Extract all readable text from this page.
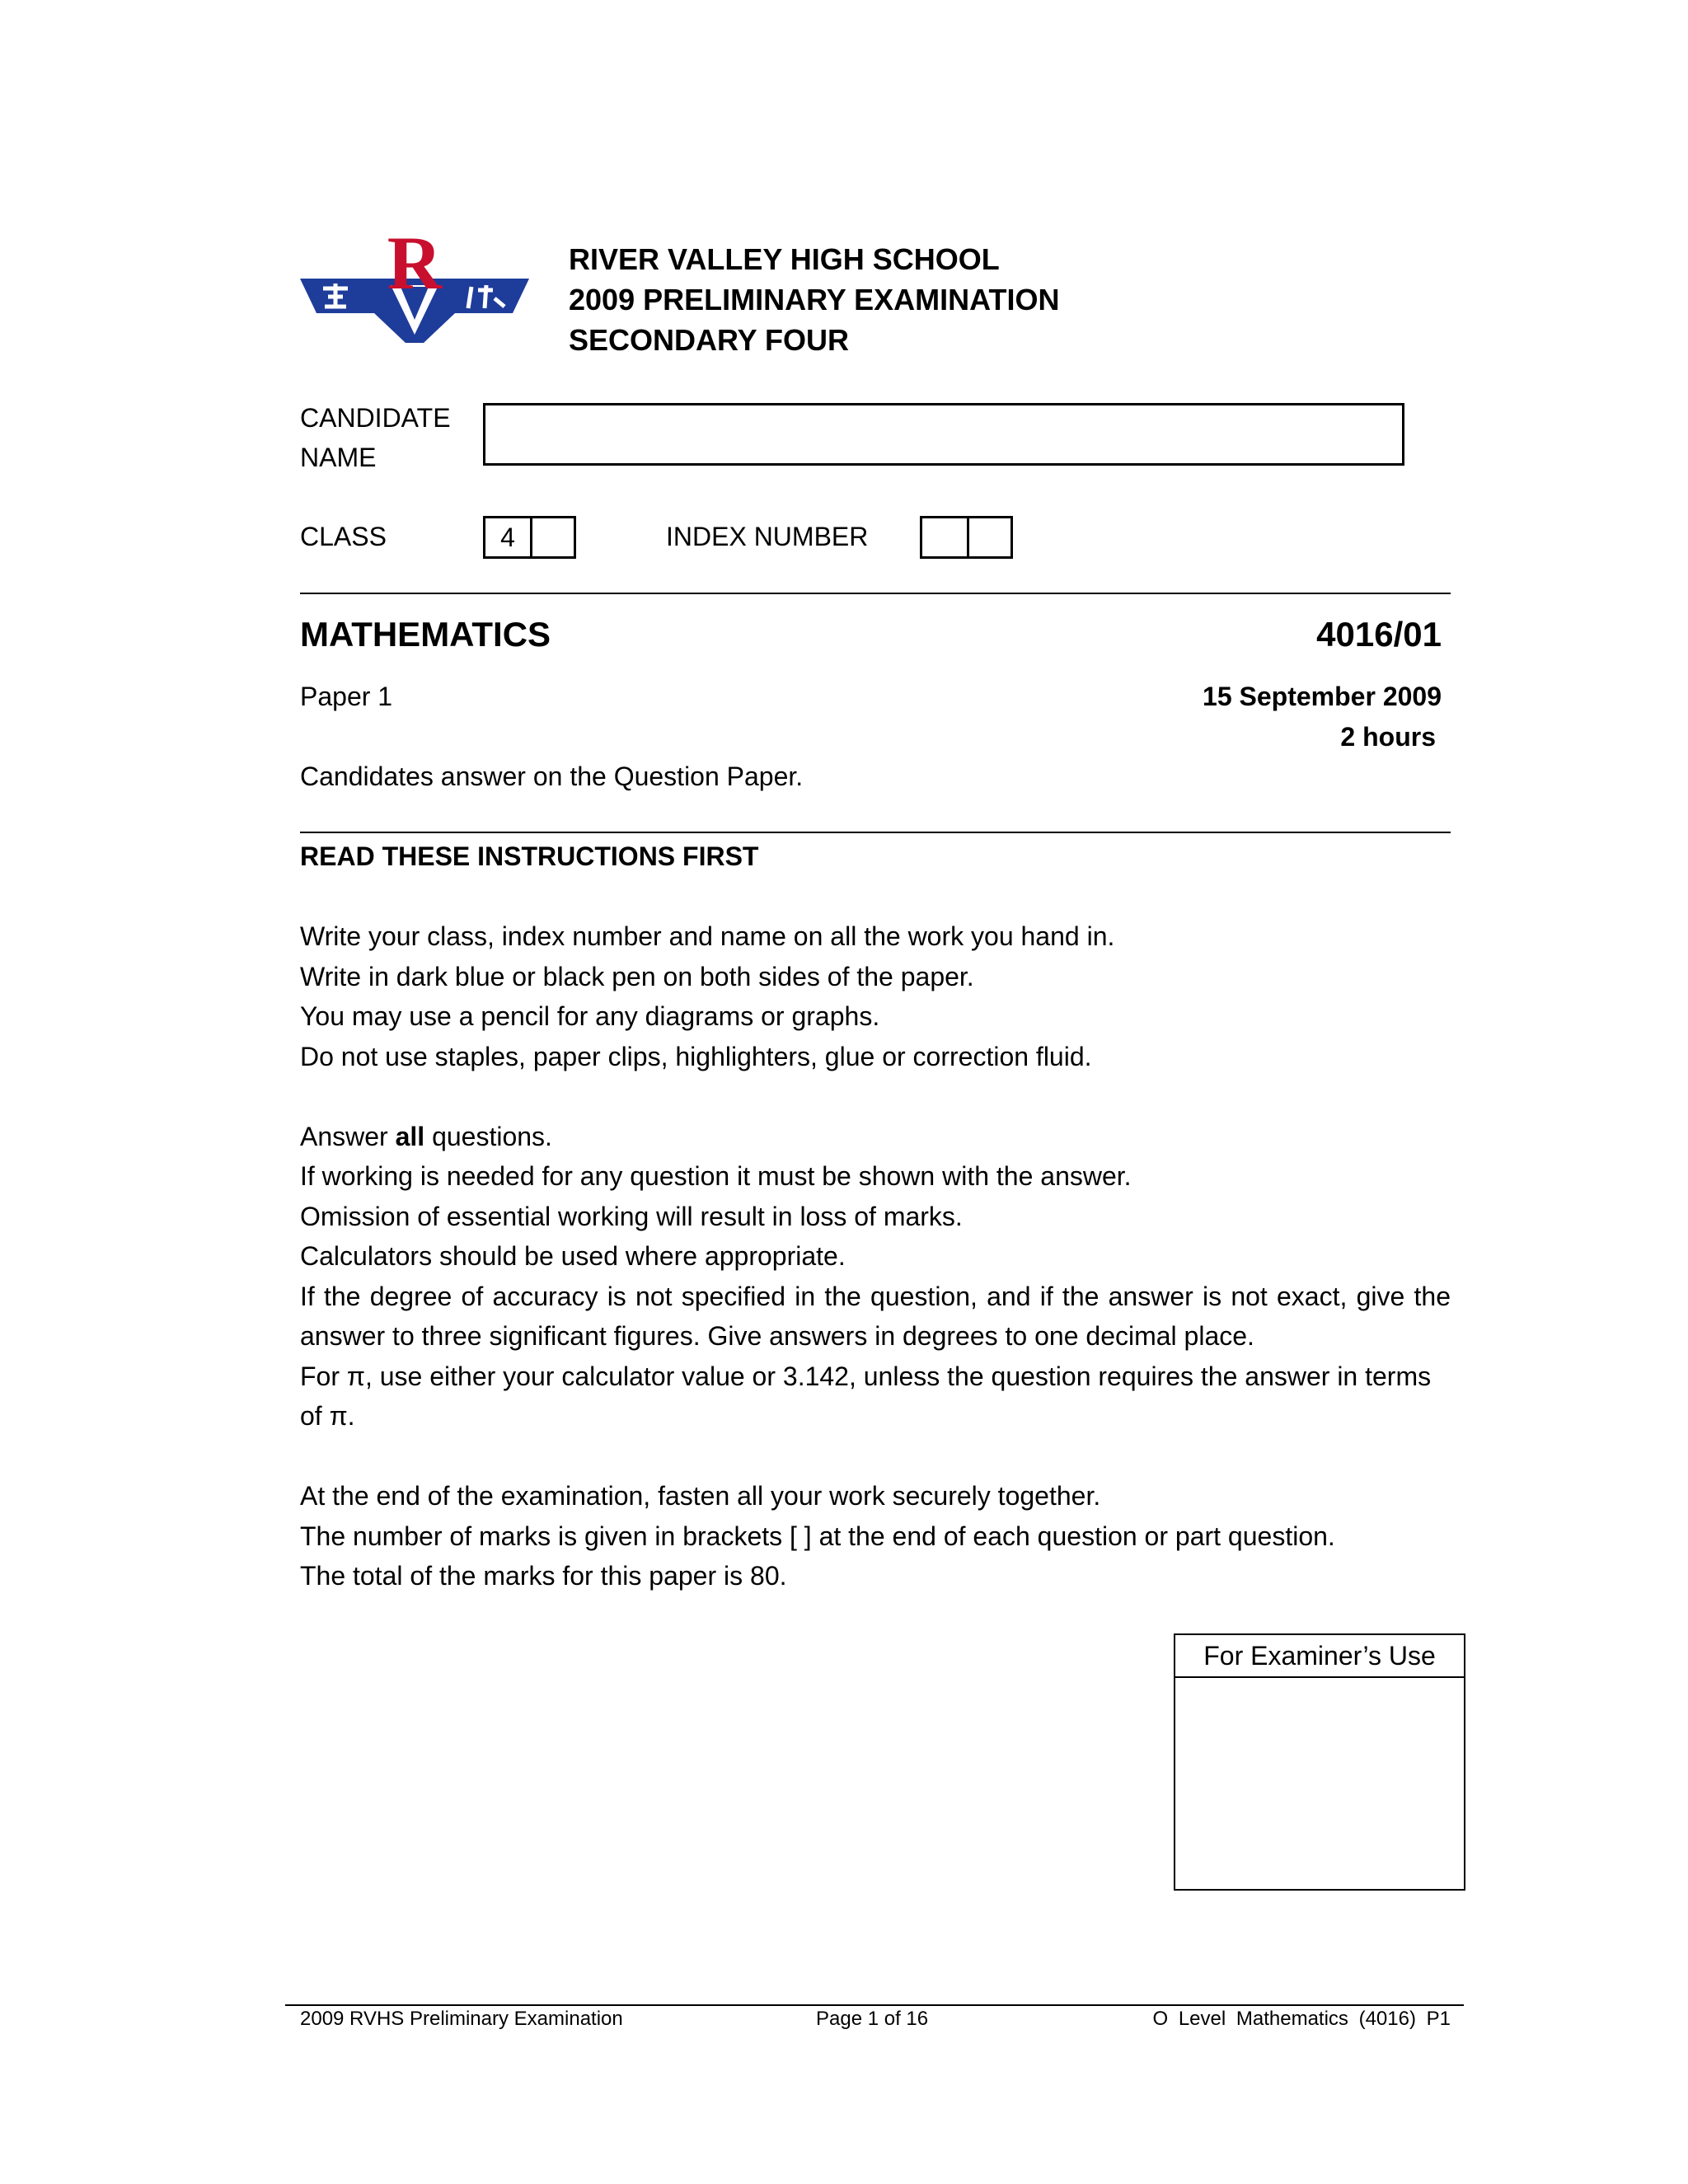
R	RIVER VALLEY HIGH SCHOOL
2009 PRELIMINARY EXAMINATION
SECONDARY FOUR
CANDIDATE
NAME
CLASS	4	INDEX NUMBER
MATHEMATICS	4016/01
Paper 1	15 September 2009
2 hours
Candidates answer on the Question Paper.
READ THESE INSTRUCTIONS FIRST

Write your class, index number and name on all the work you hand in.

Write in dark blue or black pen on both sides of the paper.

You may use a pencil for any diagrams or graphs.

Do not use staples, paper clips, highlighters, glue or correction fluid.

Answer all questions.

If working is needed for any question it must be shown with the answer.

Omission of essential working will result in loss of marks.

Calculators should be used where appropriate.

If the degree of accuracy is not specified in the question, and if the answer is not exact, give the answer to three significant figures. Give answers in degrees to one decimal place.

For π, use either your calculator value or 3.142, unless the question requires the answer in terms of π.

At the end of the examination, fasten all your work securely together.

The number of marks is given in brackets [ ] at the end of each question or part question.

The total of the marks for this paper is 80.

For Examiner’s Use
2009 RVHS Preliminary Examination	Page 1 of 16	O Level Mathematics (4016) P1
